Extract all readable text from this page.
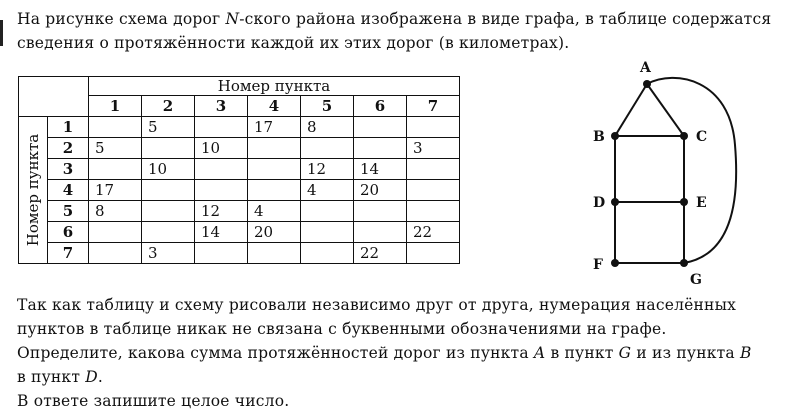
На рисунке схема дорог N-ского района изображена в виде графа, в таблице содержатся
сведения о протяжённости каждой их этих дорог (в километрах).
		Номер пункта						
		1	2	3	4	5	6	7

Номер пункта	1		5		17	8		
	2	5		10				3
	3		10			12	14	
	4	17				4	20	
	5	8		12	4			
	6			14	20			22
	7		3				22	
A
B	C
D	E
F
G
Так как таблицу и схему рисовали независимо друг от друга, нумерация населённых
пунктов в таблице никак не связана с буквенными обозначениями на графе.
Определите, какова сумма протяжённостей дорог из пункта A в пункт G и из пункта B
в пункт D.
В ответе запишите целое число.
